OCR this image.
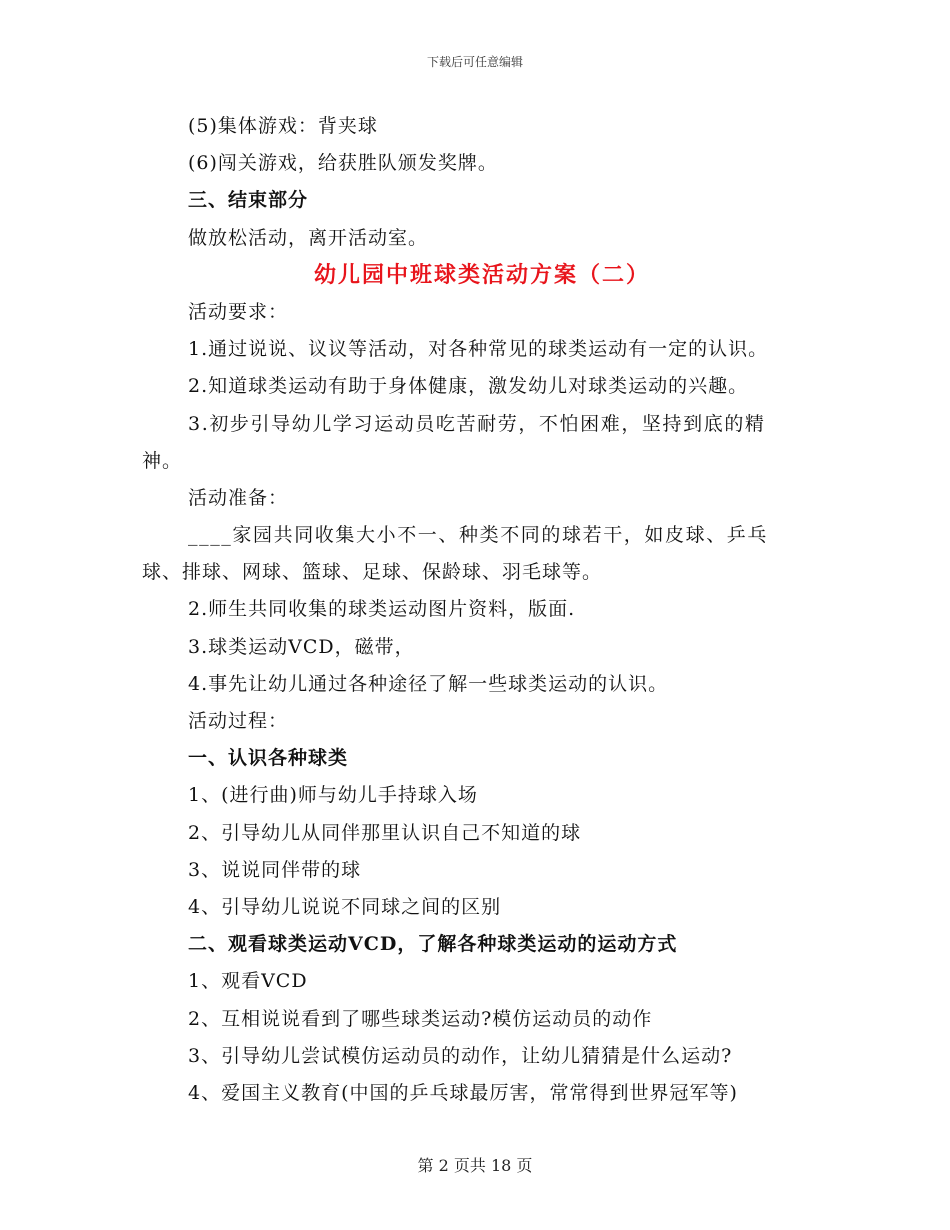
下载后可任意编辑
(5)集体游戏：背夹球
(6)闯关游戏，给获胜队颁发奖牌。
三、结束部分
做放松活动，离开活动室。
幼儿园中班球类活动方案（二）
活动要求：
1.通过说说、议议等活动，对各种常见的球类运动有一定的认识。
2.知道球类运动有助于身体健康，激发幼儿对球类运动的兴趣。
3.初步引导幼儿学习运动员吃苦耐劳，不怕困难，坚持到底的精
神。
活动准备：
____家园共同收集大小不一、种类不同的球若干，如皮球、乒乓
球、排球、网球、篮球、足球、保龄球、羽毛球等。
2.师生共同收集的球类运动图片资料，版面.
3.球类运动VCD，磁带，
4.事先让幼儿通过各种途径了解一些球类运动的认识。
活动过程：
一、认识各种球类
1、(进行曲)师与幼儿手持球入场
2、引导幼儿从同伴那里认识自己不知道的球
3、说说同伴带的球
4、引导幼儿说说不同球之间的区别
二、观看球类运动VCD，了解各种球类运动的运动方式
1、观看VCD
2、互相说说看到了哪些球类运动?模仿运动员的动作
3、引导幼儿尝试模仿运动员的动作，让幼儿猜猜是什么运动?
4、爱国主义教育(中国的乒乓球最厉害，常常得到世界冠军等)
第 2 页共 18 页
